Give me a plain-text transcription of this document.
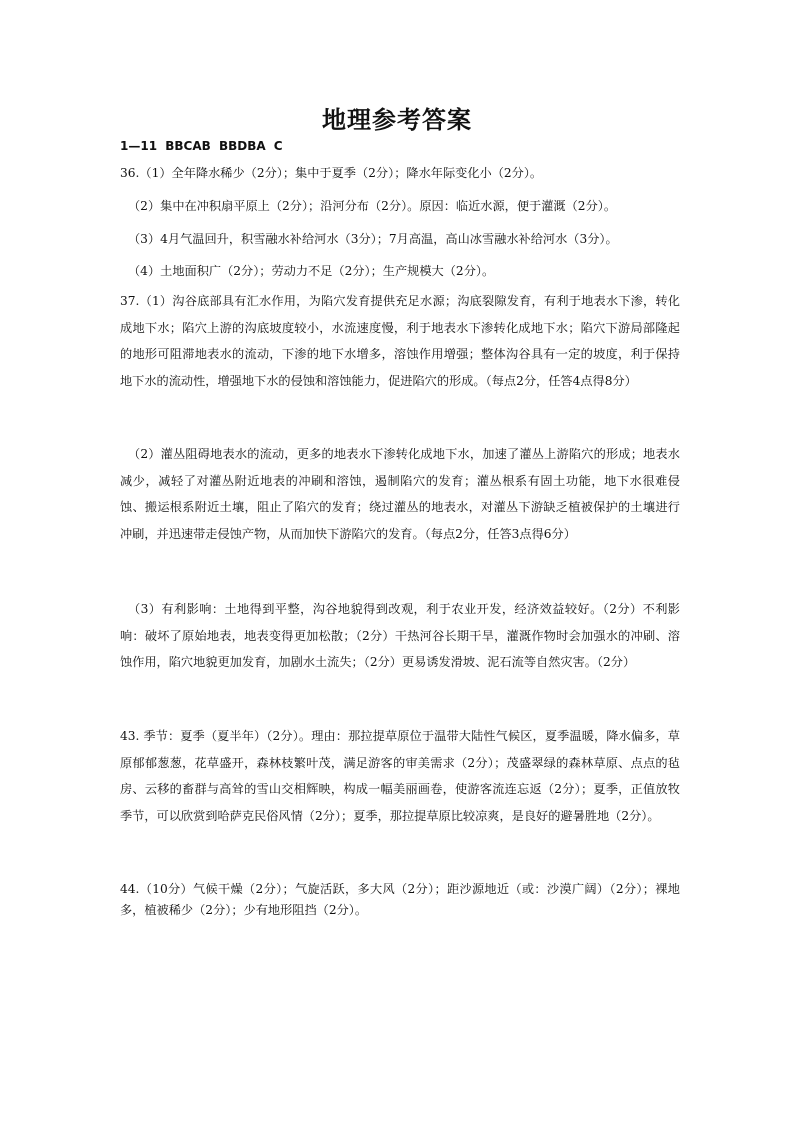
地理参考答案
1—11 BBCAB BBDBA C
36.（1）全年降水稀少（2分）；集中于夏季（2分）；降水年际变化小（2分）。
（2）集中在冲积扇平原上（2分）；沿河分布（2分）。原因：临近水源，便于灌溉（2分）。
（3）4月气温回升，积雪融水补给河水（3分）；7月高温，高山冰雪融水补给河水（3分）。
（4）土地面积广（2分）；劳动力不足（2分）；生产规模大（2分）。
37.（1）沟谷底部具有汇水作用，为陷穴发育提供充足水源；沟底裂隙发育，有利于地表水下渗，转化成地下水；陷穴上游的沟底坡度较小，水流速度慢，利于地表水下渗转化成地下水；陷穴下游局部隆起的地形可阻滞地表水的流动，下渗的地下水增多，溶蚀作用增强；整体沟谷具有一定的坡度，利于保持地下水的流动性，增强地下水的侵蚀和溶蚀能力，促进陷穴的形成。（每点2分，任答4点得8分）
（2）灌丛阻碍地表水的流动，更多的地表水下渗转化成地下水，加速了灌丛上游陷穴的形成；地表水减少，减轻了对灌丛附近地表的冲刷和溶蚀，遏制陷穴的发育；灌丛根系有固土功能，地下水很难侵蚀、搬运根系附近土壤，阻止了陷穴的发育；绕过灌丛的地表水，对灌丛下游缺乏植被保护的土壤进行冲刷，并迅速带走侵蚀产物，从而加快下游陷穴的发育。（每点2分，任答3点得6分）
（3）有利影响：土地得到平整，沟谷地貌得到改观，利于农业开发，经济效益较好。（2分）不利影响：破坏了原始地表，地表变得更加松散；（2分）干热河谷长期干旱，灌溉作物时会加强水的冲刷、溶蚀作用，陷穴地貌更加发育，加剧水土流失；（2分）更易诱发滑坡、泥石流等自然灾害。（2分）
43. 季节：夏季（夏半年）（2分）。理由：那拉提草原位于温带大陆性气候区，夏季温暖，降水偏多，草原郁郁葱葱，花草盛开，森林枝繁叶茂，满足游客的审美需求（2分）；茂盛翠绿的森林草原、点点的毡房、云移的畜群与高耸的雪山交相辉映，构成一幅美丽画卷，使游客流连忘返（2分）；夏季，正值放牧季节，可以欣赏到哈萨克民俗风情（2分）；夏季，那拉提草原比较凉爽，是良好的避暑胜地（2分）。
44.（10分）气候干燥（2分）；气旋活跃，多大风（2分）；距沙源地近（或：沙漠广阔）（2分）；裸地多，植被稀少（2分）；少有地形阻挡（2分）。
